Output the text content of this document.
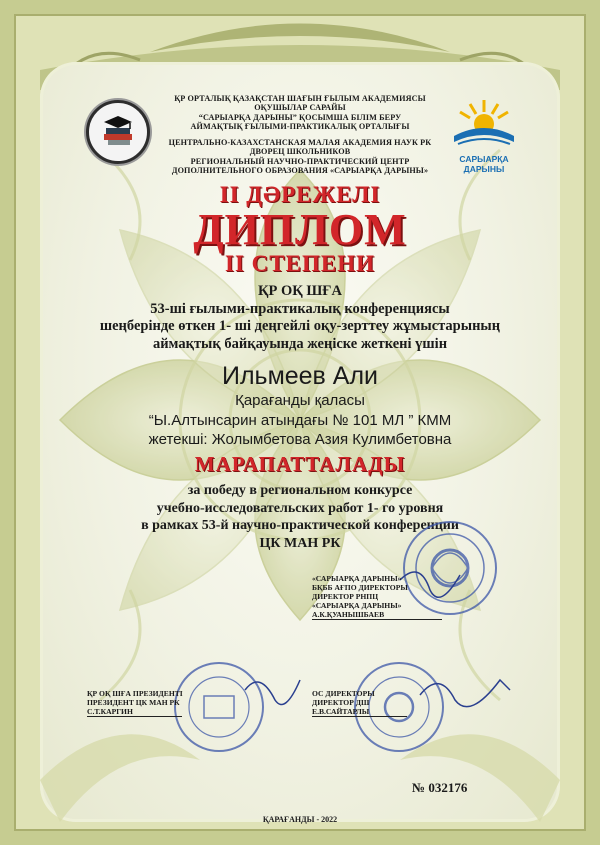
САРЫАРҚА ДАРЫНЫ
ҚР ОРТАЛЫҚ ҚАЗАҚСТАН ШАҒЫН ҒЫЛЫМ АКАДЕМИЯСЫ
ОҚУШЫЛАР САРАЙЫ
“САРЫАРҚА ДАРЫНЫ” ҚОСЫМША БІЛІМ БЕРУ
АЙМАҚТЫҚ ҒЫЛЫМИ-ПРАКТИКАЛЫҚ ОРТАЛЫҒЫ
ЦЕНТРАЛЬНО-КАЗАХСТАНСКАЯ МАЛАЯ АКАДЕМИЯ НАУК РК
ДВОРЕЦ ШКОЛЬНИКОВ
РЕГИОНАЛЬНЫЙ НАУЧНО-ПРАКТИЧЕСКИЙ ЦЕНТР
ДОПОЛНИТЕЛЬНОГО ОБРАЗОВАНИЯ «САРЫАРҚА ДАРЫНЫ»
II ДӘРЕЖЕЛІ
ДИПЛОМ
II СТЕПЕНИ
ҚР ОҚ ШҒА
53-ші ғылыми-практикалық конференциясы
шеңберінде өткен 1- ші деңгейлі оқу-зерттеу жұмыстарының
аймақтық байқауында жеңіске жеткені үшін
Ильмеев Али
Қарағанды қаласы
“Ы.Алтынсарин атындағы № 101 МЛ ” КММ
жетекші: Жолымбетова Азия Кулимбетовна
МАРАПАТТАЛАДЫ
за победу в региональном конкурсе
учебно-исследовательских работ 1- го уровня
в рамках 53-й научно-практической конференции
ЦК МАН РК
«САРЫАРҚА ДАРЫНЫ»
БҚББ АҒПО ДИРЕКТОРЫ
ДИРЕКТОР РНПЦ
«САРЫАРҚА ДАРЫНЫ»
А.К.ҚУАНЫШБАЕВ
ҚР ОҚ ШҒА ПРЕЗИДЕНТІ
ПРЕЗИДЕНТ ЦК МАН РК
С.Т.КАРГИН
ОС ДИРЕКТОРЫ
ДИРЕКТОР ДШ
Е.В.САЙТАРЛЫ
№ 032176
ҚАРАҒАНДЫ - 2022
